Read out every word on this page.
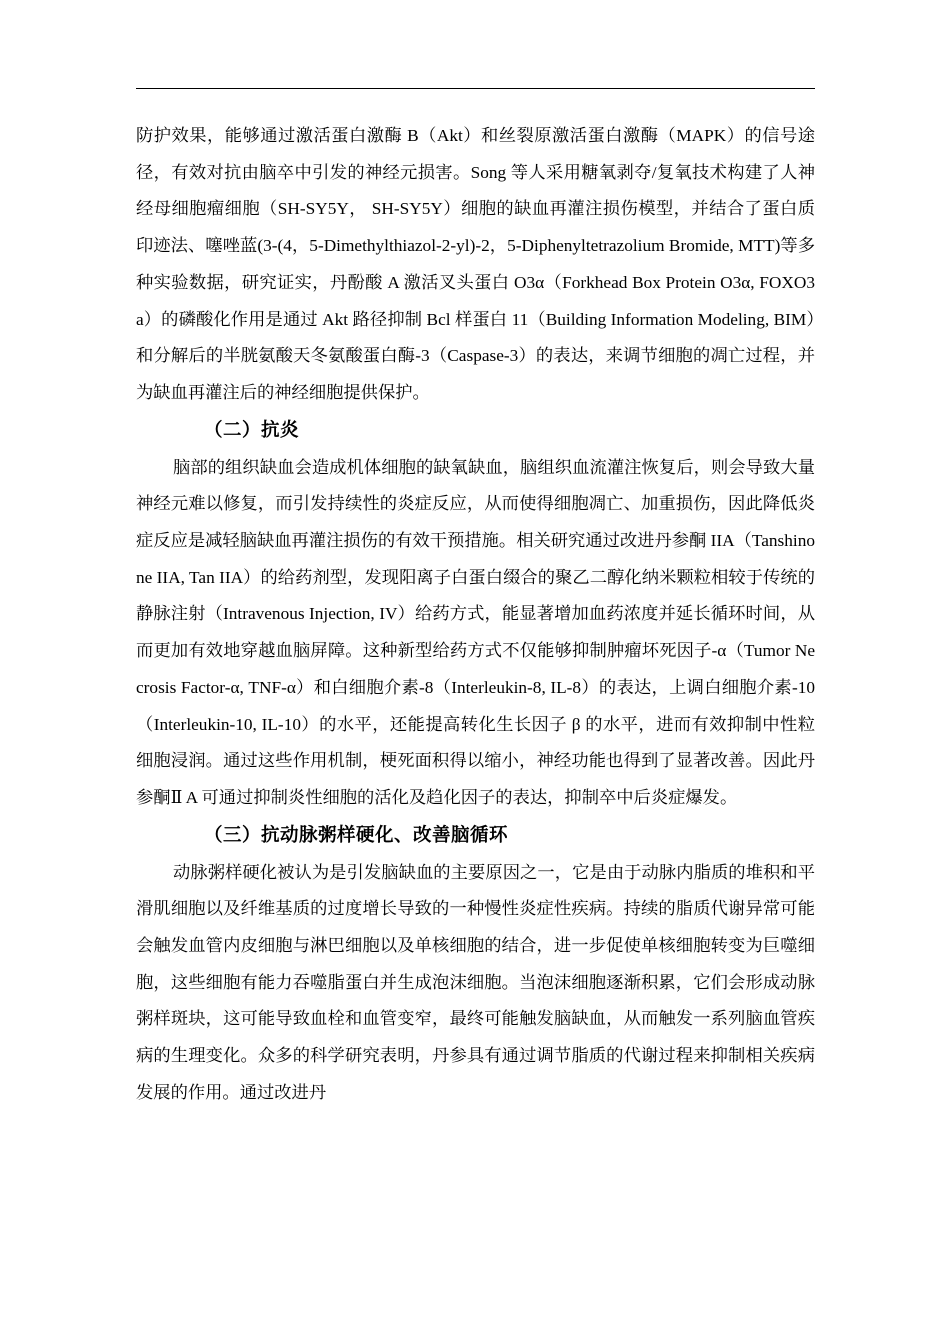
防护效果，能够通过激活蛋白激酶 B（Akt）和丝裂原激活蛋白激酶（MAPK）的信号途径，有效对抗由脑卒中引发的神经元损害。Song 等人采用糖氧剥夺/复氧技术构建了人神经母细胞瘤细胞（SH-SY5Y， SH-SY5Y）细胞的缺血再灌注损伤模型，并结合了蛋白质印迹法、噻唑蓝(3-(4，5-Dimethylthiazol-2-yl)-2，5-Diphenyltetrazolium Bromide, MTT)等多种实验数据，研究证实，丹酚酸 A 激活叉头蛋白 O3α（Forkhead Box Protein O3α, FOXO3a）的磷酸化作用是通过 Akt 路径抑制 Bcl 样蛋白 11（Building Information Modeling, BIM）和分解后的半胱氨酸天冬氨酸蛋白酶-3（Caspase-3）的表达，来调节细胞的凋亡过程，并为缺血再灌注后的神经细胞提供保护。

（二）抗炎

脑部的组织缺血会造成机体细胞的缺氧缺血，脑组织血流灌注恢复后，则会导致大量神经元难以修复，而引发持续性的炎症反应，从而使得细胞凋亡、加重损伤，因此降低炎症反应是减轻脑缺血再灌注损伤的有效干预措施。相关研究通过改进丹参酮 IIA（Tanshinone IIA, Tan IIA）的给药剂型，发现阳离子白蛋白缀合的聚乙二醇化纳米颗粒相较于传统的静脉注射（Intravenous Injection, IV）给药方式，能显著增加血药浓度并延长循环时间，从而更加有效地穿越血脑屏障。这种新型给药方式不仅能够抑制肿瘤坏死因子-α（Tumor Necrosis Factor-α, TNF-α）和白细胞介素-8（Interleukin-8, IL-8）的表达，上调白细胞介素-10（Interleukin-10, IL-10）的水平，还能提高转化生长因子 β 的水平，进而有效抑制中性粒细胞浸润。通过这些作用机制，梗死面积得以缩小，神经功能也得到了显著改善。因此丹参酮Ⅱ A 可通过抑制炎性细胞的活化及趋化因子的表达，抑制卒中后炎症爆发。

（三）抗动脉粥样硬化、改善脑循环

动脉粥样硬化被认为是引发脑缺血的主要原因之一，它是由于动脉内脂质的堆积和平滑肌细胞以及纤维基质的过度增长导致的一种慢性炎症性疾病。持续的脂质代谢异常可能会触发血管内皮细胞与淋巴细胞以及单核细胞的结合，进一步促使单核细胞转变为巨噬细胞，这些细胞有能力吞噬脂蛋白并生成泡沫细胞。当泡沫细胞逐渐积累，它们会形成动脉粥样斑块，这可能导致血栓和血管变窄，最终可能触发脑缺血，从而触发一系列脑血管疾病的生理变化。众多的科学研究表明，丹参具有通过调节脂质的代谢过程来抑制相关疾病发展的作用。通过改进丹
